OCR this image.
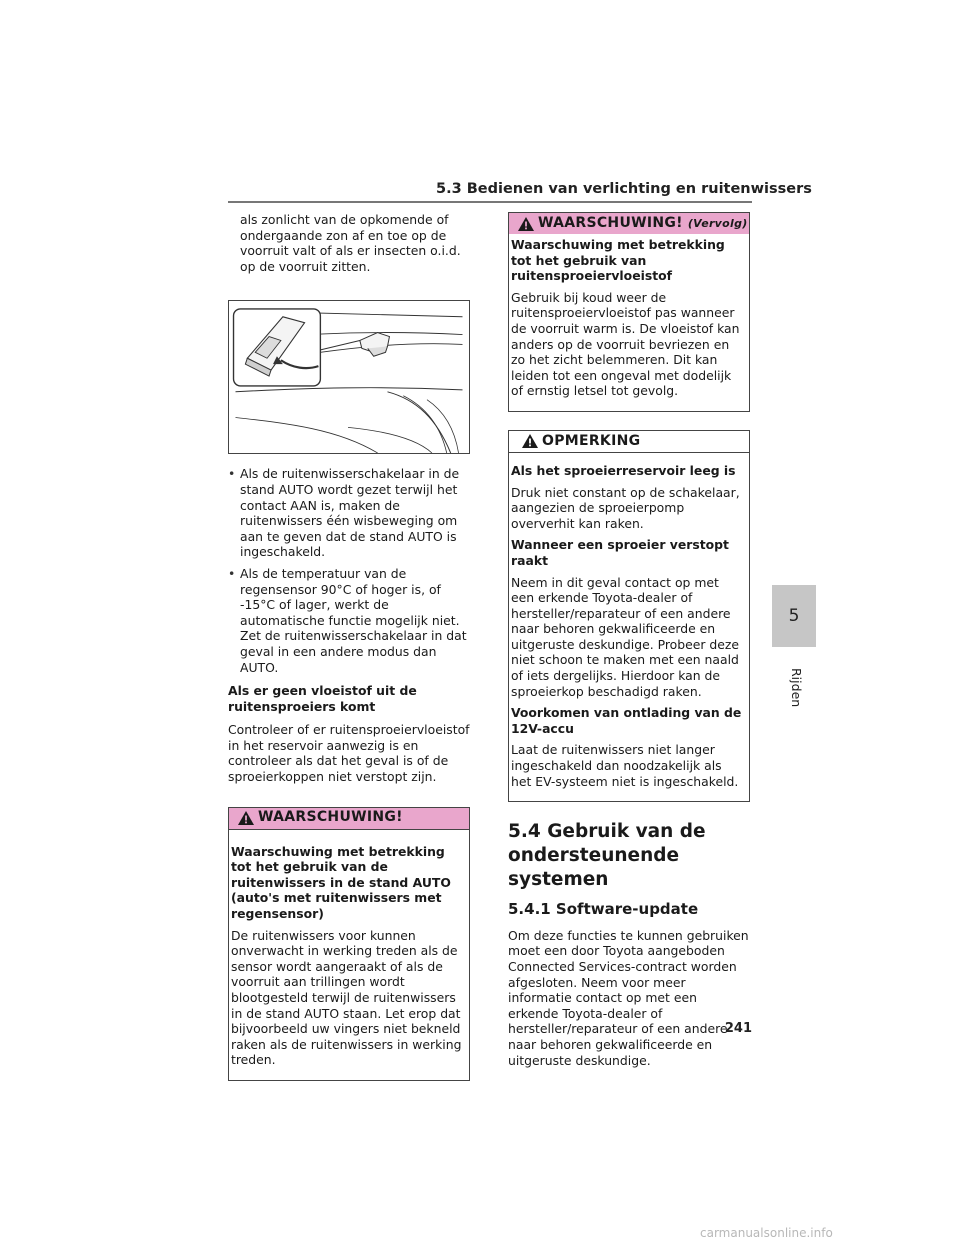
5.3 Bedienen van verlichting en ruitenwissers

als zonlicht van de opkomende of ondergaande zon af en toe op de voorruit valt of als er insecten o.i.d. op de voorruit zitten.

• Als de ruitenwisserschakelaar in de stand AUTO wordt gezet terwijl het contact AAN is, maken de ruitenwissers één wisbeweging om aan te geven dat de stand AUTO is ingeschakeld.
• Als de temperatuur van de regensensor 90°C of hoger is, of -15°C of lager, werkt de automatische functie mogelijk niet. Zet de ruitenwisserschakelaar in dat geval in een andere modus dan AUTO.
Als er geen vloeistof uit de ruitensproeiers komt

Controleer of er ruitensproeiervloeistof in het reservoir aanwezig is en controleer als dat het geval is of de sproeierkoppen niet verstopt zijn.

WAARSCHUWING!
Waarschuwing met betrekking tot het gebruik van de ruitenwissers in de stand AUTO (auto's met ruitenwissers met regensensor)

De ruitenwissers voor kunnen onverwacht in werking treden als de sensor wordt aangeraakt of als de voorruit aan trillingen wordt blootgesteld terwijl de ruitenwissers in de stand AUTO staan. Let erop dat bijvoorbeeld uw vingers niet bekneld raken als de ruitenwissers in werking treden.

WAARSCHUWING! (Vervolg)
Waarschuwing met betrekking tot het gebruik van ruitensproeiervloeistof

Gebruik bij koud weer de ruitensproeiervloeistof pas wanneer de voorruit warm is. De vloeistof kan anders op de voorruit bevriezen en zo het zicht belemmeren. Dit kan leiden tot een ongeval met dodelijk of ernstig letsel tot gevolg.

OPMERKING
Als het sproeierreservoir leeg is

Druk niet constant op de schakelaar, aangezien de sproeierpomp oververhit kan raken.

Wanneer een sproeier verstopt raakt

Neem in dit geval contact op met een erkende Toyota-dealer of hersteller/reparateur of een andere naar behoren gekwalificeerde en uitgeruste deskundige. Probeer deze niet schoon te maken met een naald of iets dergelijks. Hierdoor kan de sproeierkop beschadigd raken.

Voorkomen van ontlading van de 12V-accu

Laat de ruitenwissers niet langer ingeschakeld dan noodzakelijk als het EV-systeem niet is ingeschakeld.

5.4 Gebruik van de ondersteunende systemen
5.4.1 Software-update

Om deze functies te kunnen gebruiken moet een door Toyota aangeboden Connected Services-contract worden afgesloten. Neem voor meer informatie contact op met een erkende Toyota-dealer of hersteller/reparateur of een andere naar behoren gekwalificeerde en uitgeruste deskundige.

5
Rijden
241
carmanualsonline.info
